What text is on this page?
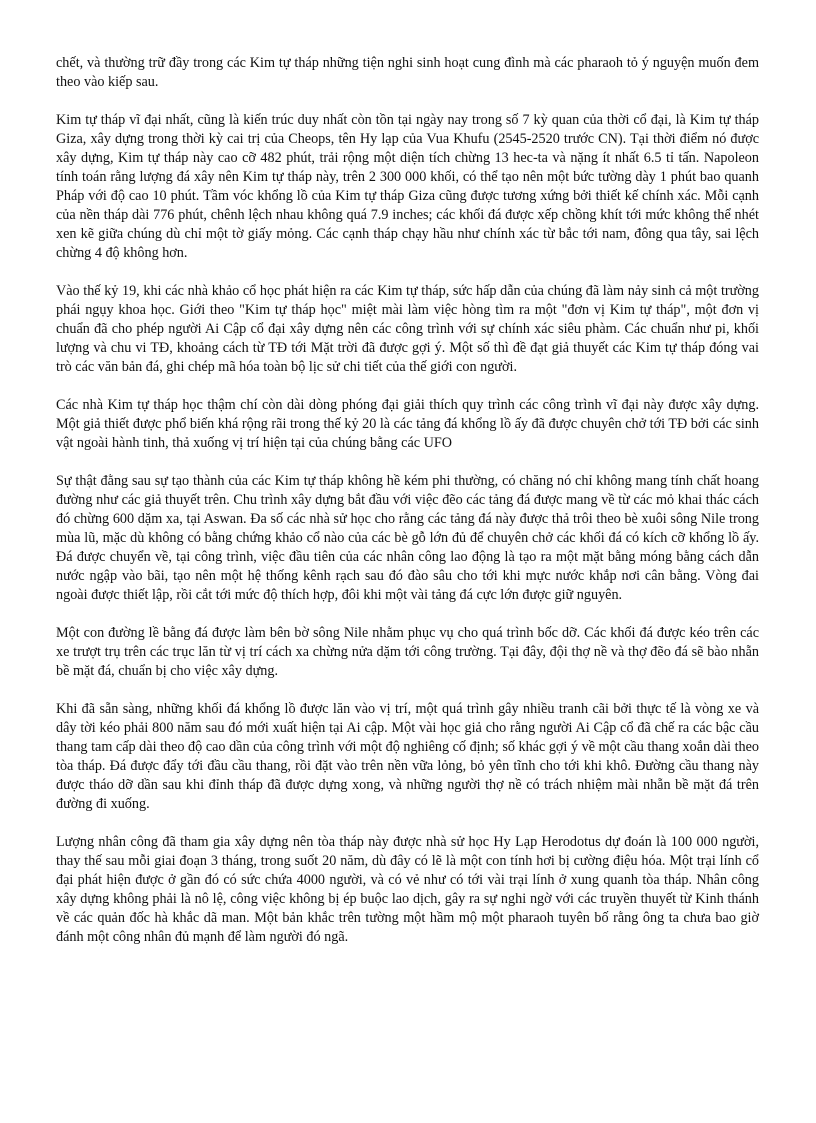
chết, và thường trữ đầy trong các Kim tự tháp những tiện nghi sinh hoạt cung đình mà các pharaoh tỏ ý nguyện muốn đem theo vào kiếp sau.

Kim tự tháp vĩ đại nhất, cũng là kiến trúc duy nhất còn tồn tại ngày nay trong số 7 kỳ quan của thời cổ đại, là Kim tự tháp Giza, xây dựng trong thời kỳ cai trị của Cheops, tên Hy lạp của Vua Khufu (2545-2520 trước CN). Tại thời điểm nó được xây dựng, Kim tự tháp này cao cỡ 482 phút, trải rộng một diện tích chừng 13 hec-ta và nặng ít nhất 6.5 tỉ tấn. Napoleon tính toán rằng lượng đá xây nên Kim tự tháp này, trên 2 300 000 khối, có thể tạo nên một bức tường dày 1 phút bao quanh Pháp với độ cao 10 phút. Tầm vóc khổng lồ của Kim tự tháp Giza cũng được tương xứng bởi thiết kế chính xác. Mỗi cạnh của nền tháp dài 776 phút, chênh lệch nhau không quá 7.9 inches; các khối đá được xếp chồng khít tới mức không thể nhét xen kẽ giữa chúng dù chỉ một tờ giấy mỏng. Các cạnh tháp chạy hầu như chính xác từ bắc tới nam, đông qua tây, sai lệch chừng 4 độ không hơn.

Vào thế kỷ 19, khi các nhà khảo cổ học phát hiện ra các Kim tự tháp, sức hấp dẫn của chúng đã làm nảy sinh cả một trường phái ngụy khoa học. Giới theo "Kim tự tháp học" miệt mài làm việc hòng tìm ra một "đơn vị Kim tự tháp", một đơn vị chuẩn đã cho phép người Ai Cập cổ đại xây dựng nên các công trình với sự chính xác siêu phàm. Các chuẩn như pi, khối lượng và chu vi TĐ, khoảng cách từ TĐ tới Mặt trời đã được gợi ý. Một số thì đề đạt giả thuyết các Kim tự tháp đóng vai trò các văn bản đá, ghi chép mã hóa toàn bộ lịc sử chi tiết của thế giới con người.

Các nhà Kim tự tháp học thậm chí còn dài dòng phóng đại giải thích quy trình các công trình vĩ đại này được xây dựng. Một giả thiết được phổ biến khá rộng rãi trong thế kỷ 20 là các tảng đá khổng lồ ấy đã được chuyên chở tới TĐ bởi các sinh vật ngoài hành tinh, thả xuống vị trí hiện tại của chúng bằng các UFO

Sự thật đằng sau sự tạo thành của các Kim tự tháp không hề kém phi thường, có chăng nó chỉ không mang tính chất hoang đường như các giả thuyết trên. Chu trình xây dựng bắt đầu với việc đẽo các tảng đá được mang về từ các mỏ khai thác cách đó chừng 600 dặm xa, tại Aswan. Đa số các nhà sử học cho rằng các tảng đá này được thả trôi theo bè xuôi sông Nile trong mùa lũ, mặc dù không có bằng chứng khảo cổ nào của các bè gỗ lớn đủ để chuyên chở các khối đá có kích cỡ khổng lồ ấy. Đá được chuyển về, tại công trình, việc đầu tiên của các nhân công lao động là tạo ra một mặt bằng móng bằng cách dẫn nước ngập vào bãi, tạo nên một hệ thống kênh rạch sau đó đào sâu cho tới khi mực nước khắp nơi cân bằng. Vòng đai ngoài được thiết lập, rồi cắt tới mức độ thích hợp, đôi khi một vài tảng đá cực lớn được giữ nguyên.

Một con đường lề bằng đá được làm bên bờ sông Nile nhằm phục vụ cho quá trình bốc dỡ. Các khối đá được kéo trên các xe trượt trụ trên các trục lăn từ vị trí cách xa chừng nửa dặm tới công trường. Tại đây, đội thợ nề và thợ đẽo đá sẽ bào nhẵn bề mặt đá, chuẩn bị cho việc xây dựng.

Khi đã sẵn sàng, những khối đá khổng lồ được lăn vào vị trí, một quá trình gây nhiều tranh cãi bởi thực tế là vòng xe và dây tời kéo phải 800 năm sau đó mới xuất hiện tại Ai cập. Một vài học giả cho rằng người Ai Cập cổ đã chế ra các bậc cầu thang tam cấp dài theo độ cao dần của công trình với một độ nghiêng cố định; số khác gợi ý về một cầu thang xoắn dài theo tòa tháp. Đá được đẩy tới đầu cầu thang, rồi đặt vào trên nền vữa lỏng, bỏ yên tĩnh cho tới khi khô. Đường cầu thang này được tháo dỡ dần sau khi đỉnh tháp đã được dựng xong, và những người thợ nề có trách nhiệm mài nhẵn bề mặt đá trên đường đi xuống.

Lượng nhân công đã tham gia xây dựng nên tòa tháp này được nhà sử học Hy Lạp Herodotus dự đoán là 100 000 người, thay thế sau mỗi giai đoạn 3 tháng, trong suốt 20 năm, dù đây có lẽ là một con tính hơi bị cường điệu hóa. Một trại lính cổ đại phát hiện được ở gần đó có sức chứa 4000 người, và có vẻ như có tới vài trại lính ở xung quanh tòa tháp. Nhân công xây dựng không phải là nô lệ, công việc không bị ép buộc lao dịch, gây ra sự nghi ngờ với các truyền thuyết từ Kinh thánh về các quản đốc hà khắc dã man. Một bản khắc trên tường một hầm mộ một pharaoh tuyên bố rằng ông ta chưa bao giờ đánh một công nhân đủ mạnh để làm người đó ngã.
